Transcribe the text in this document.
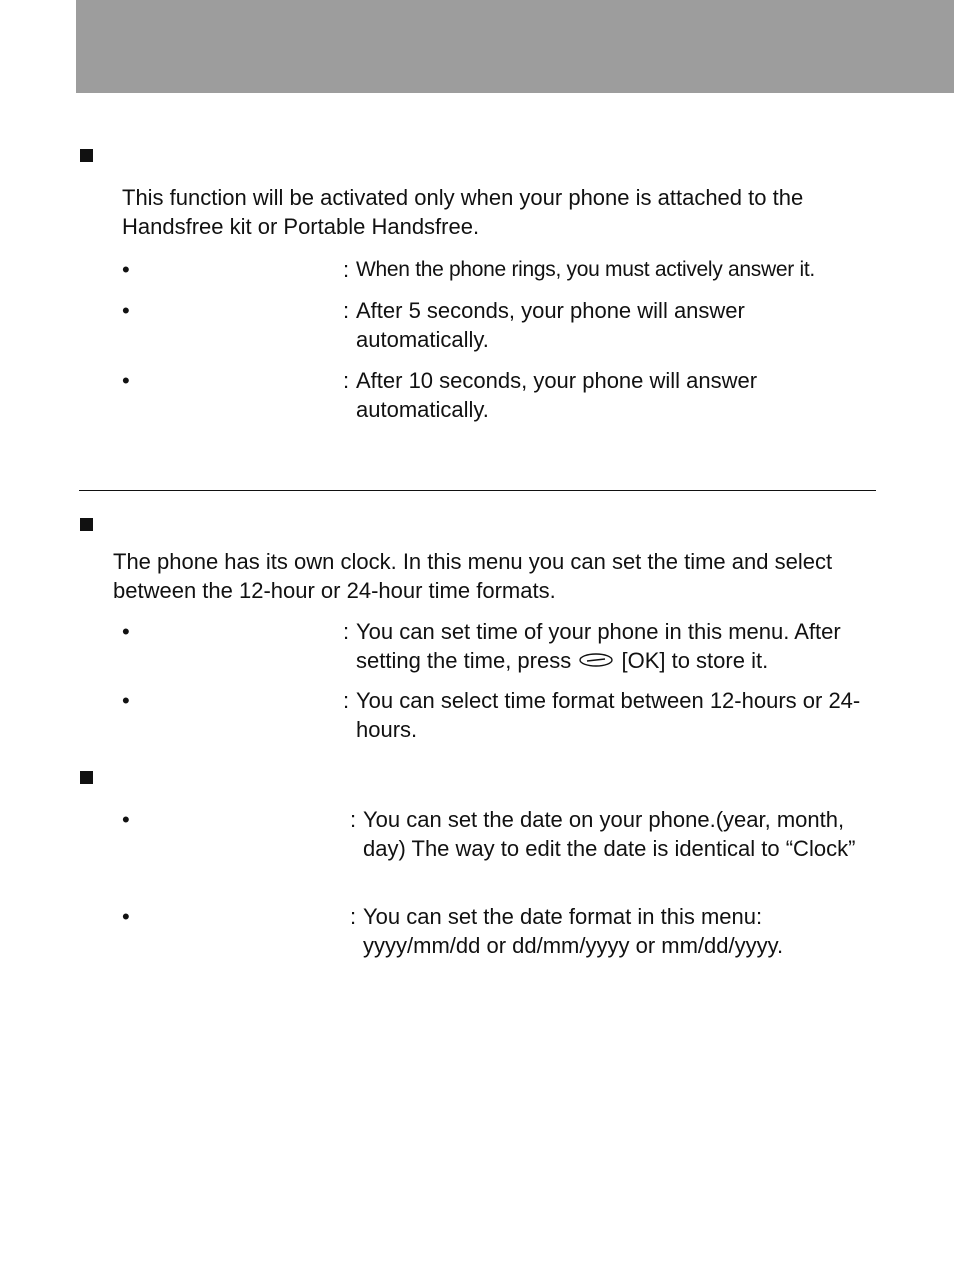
This function will be activated only when your phone is attached to the Handsfree kit or Portable Handsfree.

•	: When the phone rings, you must actively answer it.
•	: After 5 seconds, your phone will answer automatically.
•	: After 10 seconds, your phone will answer automatically.

The phone has its own clock. In this menu you can set the time and select between the 12-hour or 24-hour time formats.

•	: You can set time of your phone in this menu. After setting the time, press [OK] to store it.
•	: You can select time format between 12-hours or 24-hours.
•	: You can set the date on your phone.(year, month, day) The way to edit the date is identical to “Clock”
•	: You can set the date format in this menu: yyyy/mm/dd or dd/mm/yyyy or mm/dd/yyyy.
